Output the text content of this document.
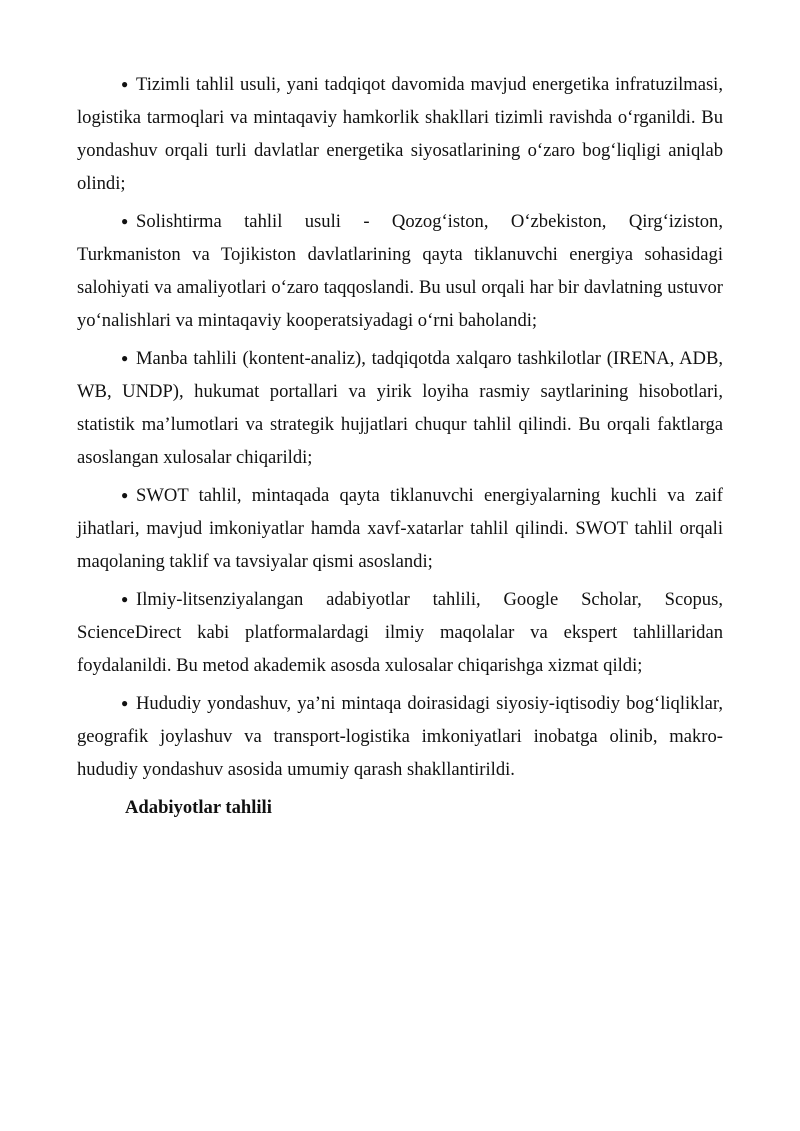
● Tizimli tahlil usuli, yani tadqiqot davomida mavjud energetika infratuzilmasi, logistika tarmoqlari va mintaqaviy hamkorlik shakllari tizimli ravishda o‘rganildi. Bu yondashuv orqali turli davlatlar energetika siyosatlarining o‘zaro bog‘liqligi aniqlab olindi;

● Solishtirma tahlil usuli - Qozog‘iston, O‘zbekiston, Qirg‘iziston, Turkmaniston va Tojikiston davlatlarining qayta tiklanuvchi energiya sohasidagi salohiyati va amaliyotlari o‘zaro taqqoslandi. Bu usul orqali har bir davlatning ustuvor yo‘nalishlari va mintaqaviy kooperatsiyadagi o‘rni baholandi;

● Manba tahlili (kontent-analiz), tadqiqotda xalqaro tashkilotlar (IRENA, ADB, WB, UNDP), hukumat portallari va yirik loyiha rasmiy saytlarining hisobotlari, statistik ma’lumotlari va strategik hujjatlari chuqur tahlil qilindi. Bu orqali faktlarga asoslangan xulosalar chiqarildi;

● SWOT tahlil, mintaqada qayta tiklanuvchi energiyalarning kuchli va zaif jihatlari, mavjud imkoniyatlar hamda xavf-xatarlar tahlil qilindi. SWOT tahlil orqali maqolaning taklif va tavsiyalar qismi asoslandi;

● Ilmiy-litsenziyalangan adabiyotlar tahlili, Google Scholar, Scopus, ScienceDirect kabi platformalardagi ilmiy maqolalar va ekspert tahlillaridan foydalanildi. Bu metod akademik asosda xulosalar chiqarishga xizmat qildi;

● Hududiy yondashuv, ya’ni mintaqa doirasidagi siyosiy-iqtisodiy bog‘liqliklar, geografik joylashuv va transport-logistika imkoniyatlari inobatga olinib, makro-hududiy yondashuv asosida umumiy qarash shakllantirildi.

Adabiyotlar tahlili
